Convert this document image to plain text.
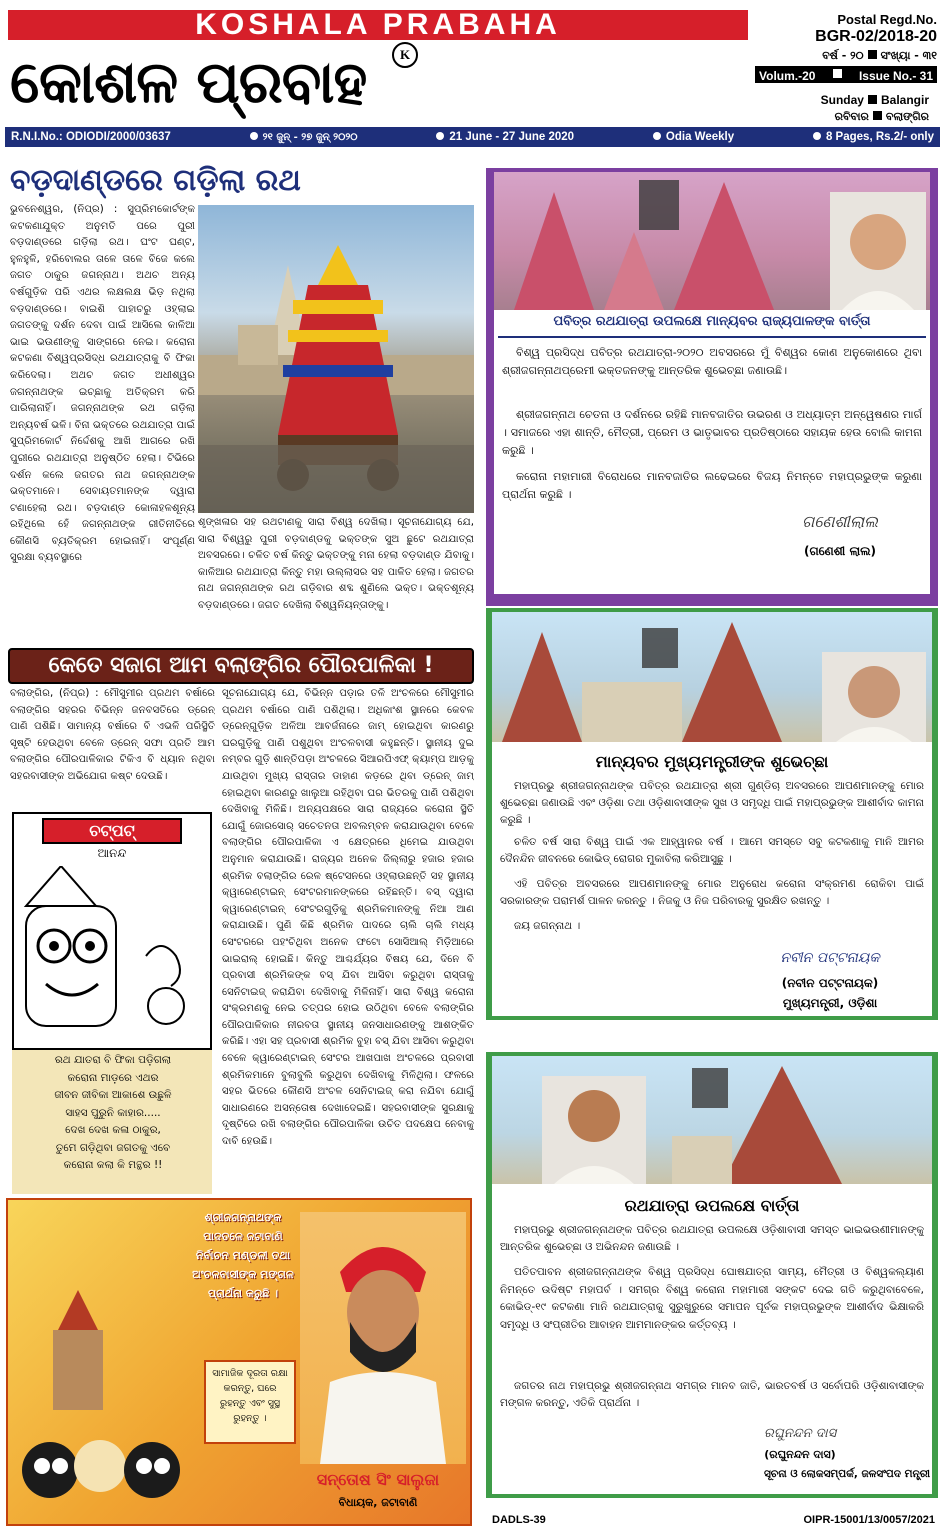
KOSHALA PRABAHA
କୋଶଳ ପ୍ରବାହ	K
Postal Regd.No.
BGR-02/2018-20
ବର୍ଷ - ୨୦ ସଂଖ୍ୟା - ୩୧
Volum.-20	Issue No.- 31
Sunday Balangir
ରବିବାର ବଲାଙ୍ଗିର
R.N.I.No.: ODIODI/2000/03637	୨୧ ଜୁନ୍ - ୨୭ ଜୁନ୍ ୨୦୨୦	21 June - 27 June 2020	Odia Weekly	8 Pages, Rs.2/- only
ବଡ଼ଦାଣ୍ଡରେ ଗଡ଼ିଲା ରଥ
ଭୁବନେଶ୍ୱର, (ନିପ୍ର) : ସୁପ୍ରିମକୋର୍ଟଙ୍କ କଟକଣାଯୁକ୍ତ ଅନୁମତି ପରେ ପୁରୀ ବଡ଼ଦାଣ୍ଡରେ ଗଡ଼ିଲା ରଥ। ଘଂଟ ଘଣ୍ଟ, ହୁଳହୁଳି, ହରିବୋଲର ତାଳେ ତାଳେ ବିଜେ କଲେ ଜଗତ ଠାକୁର ଜଗନ୍ନାଥ। ଅଥଚ ଅନ୍ୟ ବର୍ଷଗୁଡ଼ିକ ପରି ଏଥର ଲକ୍ଷଲକ୍ଷ ଭିଡ଼ ନଥିଲା ବଡ଼ଦାଣ୍ଡରେ। ବାଇଶି ପାହାଚରୁ ଓହ୍ଲାଇ ଜଗତଙ୍କୁ ଦର୍ଶନ ଦେବା ପାଇଁ ଆସିଲେ କାଳିଆ ଭାଇ ଭଉଣୀଙ୍କୁ ସାଙ୍ଗରେ ନେଇ। କରୋନା କଟକଣା ବିଶ୍ୱପ୍ରସିଦ୍ଧ ରଥଯାତ୍ରାକୁ ବି ଫିକା କରିଦେଲା। ଅଥଚ ଜଗତ ଅଧୀଶ୍ୱର ଜଗନ୍ନାଥଙ୍କ ଇଚ୍ଛାକୁ ଅତିକ୍ରମ କରି ପାରିଲାନାହିଁ। ଜଗନ୍ନାଥଙ୍କ ରଥ ଗଡ଼ିଲା ଅନ୍ୟବର୍ଷ ଭଳି। ବିନା ଭକ୍ତରେ ରଥଯାତ୍ରା ପାଇଁ ସୁପ୍ରିମକୋର୍ଟ ନିର୍ଦ୍ଦେଶକୁ ଆଖି ଆଗରେ ରଖି ପୁରୀରେ ରଥଯାତ୍ରା ଅନୁଷ୍ଠିତ ହେଲା। ଟିଭିରେ ଦର୍ଶନ କଲେ ଜଗତର ନାଥ ଜଗନ୍ନାଥଙ୍କ ଭକ୍ତମାନେ। ସେବାୟତମାନଙ୍କ ଦ୍ୱାରା ଟଣାହେଲା ରଥ। ବଡ଼ଦାଣ୍ଡ କୋଳାହଳଶୂନ୍ୟ ରହିଥିଲେ ହେଁ ଜଗନ୍ନାଥଙ୍କ ରୀତିନୀତିରେ କୌଣସି ବ୍ୟତିକ୍ରମ ହୋଇନାହିଁ। ସଂପୂର୍ଣ୍ଣ ସୁରକ୍ଷା ବ୍ୟବସ୍ଥାରେ
ଶୃଙ୍ଖଳାର ସହ ରଥଟାଣକୁ ସାରା ବିଶ୍ୱ ଦେଖିଲା। ସୂଚନାଯୋଗ୍ୟ ଯେ, ସାରା ବିଶ୍ୱରୁ ପୁରୀ ବଡ଼ଦାଣ୍ଡକୁ ଭକ୍ତଙ୍କ ସୁଅ ଛୁଟେ ରଥଯାତ୍ରା ଅବସରରେ। ଚଳିତ ବର୍ଷ କିନ୍ତୁ ଭକ୍ତଙ୍କୁ ମନା ହେଲା ବଡ଼ଦାଣ୍ଡ ଯିବାକୁ। କାଳିଆର ରଥଯାତ୍ରା କିନ୍ତୁ ମହା ଉଲ୍ଲାସର ସହ ପାଳିତ ହେଲା। ଜଗତର ନାଥ ଜଗନ୍ନାଥଙ୍କ ରଥ ଗଡ଼ିବାର ଶବ୍ଦ ଶୁଣିଲେ ଭକ୍ତ। ଭକ୍ତଶୂନ୍ୟ ବଡ଼ଦାଣ୍ଡରେ। ଜଗତ ଦେଖିଲା ବିଶ୍ୱନିୟନ୍ତାଙ୍କୁ।
କେତେ ସଜାଗ ଆମ ବଲାଙ୍ଗିର ପୌରପାଳିକା !
ବଲାଙ୍ଗିର, (ନିପ୍ର) : ମୌସୁମୀର ପ୍ରଥମ ବର୍ଷାରେ ବଲାଙ୍ଗିର ସହରର ବିଭିନ୍ନ ଜନବସତିରେ ଡ୍ରେନ୍ ପାଣି ପଶିଛି। ସାମାନ୍ୟ ବର୍ଷାରେ ବି ଏଭଳି ପରିସ୍ଥିତି ସୃଷ୍ଟି ହେଉଥିବା ବେଳେ ଡ୍ରେନ୍ ସଫା ପ୍ରତି ଆମ ବଲାଙ୍ଗିର ପୌରପାଳିକାର ଟିକିଏ ବି ଧ୍ୟାନ ନଥିବା ସହରବାସୀଙ୍କ ଅଭିଯୋଗ କଷ୍ଟ ଦେଉଛି।
ସୂଚନାଯୋଗ୍ୟ ଯେ, ବିଭିନ୍ନ ପଡ଼ାର ତଳି ଅଂଚଳରେ ମୌସୁମୀର ପ୍ରଥମ ବର୍ଷାରେ ପାଣି ପଶିଥିଲା। ଅଧିକାଂଶ ସ୍ଥାନରେ କେବଳ ଡ୍ରେନ୍‌ଗୁଡ଼ିକ ଅଳିଆ ଆବର୍ଜନାରେ ଜାମ୍ ହୋଇଥିବା କାରଣରୁ ଘରଗୁଡ଼ିକୁ ପାଣି ପଶୁଥିବା ଅଂଚଳବାସୀ କହୁଛନ୍ତି। ସ୍ଥାନୀୟ ଦୁଇ ନମ୍ବର ଗୁଡ଼ି ଶାନ୍ତିପଡ଼ା ଅଂଚଳରେ ସିଆରପିଏଫ୍ କ୍ୟାମ୍ପ ଆଡ଼କୁ ଯାଉଥିବା ମୁଖ୍ୟ ରାସ୍ତାର ଡାହାଣ କଡ଼ରେ ଥିବା ଡ୍ରେନ୍ ଜାମ୍ ହୋଇଥିବା କାରଣରୁ ଖାଲୁଆ ରହିଥିବା ଘର ଭିତରକୁ ପାଣି ପଶିଥିବା ଦେଖିବାକୁ ମିଳିଛି। ଅନ୍ୟପକ୍ଷରେ ସାରା ରାଜ୍ୟରେ କରୋନା ସ୍ଥିତି ଯୋଗୁଁ ଜୋରସୋର୍ ସଚେତନତା ଅବଲମ୍ବନ କରାଯାଉଥିବା ବେଳେ ବଲାଙ୍ଗିର ପୌରପାଳିକା ଏ କ୍ଷେତ୍ରରେ ଧିମେଇ ଯାଉଥିବା ଅନୁମାନ କରାଯାଉଛି। ରାଜ୍ୟର ଅନେକ ଜିଲ୍ଲାରୁ ହଜାର ହଜାର ଶ୍ରମିକ ବଲାଙ୍ଗିର ରେଳ ଷ୍ଟେସନରେ ଓହ୍ଲାଉଛନ୍ତି ସହ ସ୍ଥାନୀୟ କ୍ୱାରେଣ୍ଟାଇନ୍ ସେଂଟରମାନଙ୍କରେ ରହିଛନ୍ତି। ବସ୍ ଦ୍ୱାରା କ୍ୱାରେଣ୍ଟାଇନ୍ ସେଂଟରଗୁଡ଼ିକୁ ଶ୍ରମିକମାନଙ୍କୁ ନିଆ ଆଣ କରାଯାଉଛି। ପୁଣି କିଛି ଶ୍ରମିକ ପାଦରେ ଚାଲି ଚାଲି ମଧ୍ୟ ସେଂଟରରେ ପହଂଚିଥିବା ଅନେକ ଫଟୋ ସୋସିଆଲ୍ ମିଡ଼ିଆରେ ଭାଇରାଲ୍ ହୋଇଛି। କିନ୍ତୁ ଆଶ୍ଚର୍ଯ୍ୟର ବିଷୟ ଯେ, ଦିନେ ବି ପ୍ରବାସୀ ଶ୍ରମିକଙ୍କ ବସ୍ ଯିବା ଆସିବା କରୁଥିବା ରାସ୍ତାକୁ ସେନିଟାଇଜ୍ କରାଯିବା ଦେଖିବାକୁ ମିଳିନାହିଁ। ସାରା ବିଶ୍ୱ କରୋନା ସଂକ୍ରମଣକୁ ନେଇ ତତ୍ପର ହୋଇ ଉଠିଥିବା ବେଳେ ବଲାଙ୍ଗିର ପୌରପାଳିକାର ନୀରବତା ସ୍ଥାନୀୟ ଜନସାଧାରଣଙ୍କୁ ଆଶଙ୍କିତ କରିଛି। ଏହା ସହ ପ୍ରବାସୀ ଶ୍ରମିକ ବୁହା ବସ୍ ଯିବା ଆସିବା କରୁଥିବା ବେଳେ କ୍ୱାରେଣ୍ଟାଇନ୍ ସେଂଟର ଆଖପାଖ ଅଂଚଳରେ ପ୍ରବାସୀ ଶ୍ରମିକମାନେ ବୁଲାବୁଲି କରୁଥିବା ଦେଖିବାକୁ ମିଳିଥିଲା। ଫଳରେ ସହର ଭିତରେ କୌଣସି ଅଂଚଳ ସେନିଟାଇଜ୍ କରା ନଯିବା ଯୋଗୁଁ ସାଧାରଣରେ ଅସନ୍ତୋଷ ଦେଖାଦେଇଛି। ସହରବାସୀଙ୍କ ସୁରକ୍ଷାକୁ ଦୃଷ୍ଟିରେ ରଖି ବଲାଙ୍ଗିର ପୌରପାଳିକା ଉଚିତ ପଦକ୍ଷେପ ନେବାକୁ ଦାବି ହେଉଛି।
ଚଟ୍‌ପଟ୍
ଆନନ୍ଦ
ରଥ ଯାତରା ବି ଫିକା ପଡ଼ିଗଲା
କରୋନା ମାଡ଼ରେ ଏଥର
ଜୀବନ ଜୀବିକା ଆକାଶେ ଉଛୁଳି
ସାହସ ପୁରୁନି କାହାର.....
ଦେଖ ଦେଖ କଳା ଠାକୁର,
ତୁମେ ଗଡ଼ିଥିବା ଜଗତକୁ ଏବେ
କରୋନା କଲା କି ମନ୍ଥର !!
ଶ୍ରୀଜଗନ୍ନାଥଙ୍କ ପାଦତଳେ ଜଟାବାଣି ନିର୍ବାଚନ ମଣ୍ଡଳୀ ତଥା ଅଂଚଳବାସୀଙ୍କ ମଙ୍ଗଳ ପ୍ରାର୍ଥନା କରୁଛି ।
ସାମାଜିକ ଦୂରତା ରକ୍ଷା କରନ୍ତୁ, ଘରେ ରୁହନ୍ତୁ ଏବଂ ସୁସ୍ଥ ରୁହନ୍ତୁ ।
ସନ୍ତୋଷ ସିଂ ସାଲୁଜା
ବିଧାୟକ, ଜଟାବାଣି
ପବିତ୍ର ରଥଯାତ୍ରା ଉପଲକ୍ଷେ ମାନ୍ୟବର ରାଜ୍ୟପାଳଙ୍କ ବାର୍ତ୍ତା

ବିଶ୍ୱ ପ୍ରସିଦ୍ଧ ପବିତ୍ର ରଥଯାତ୍ରା-୨୦୨୦ ଅବସରରେ ମୁଁ ବିଶ୍ୱର କୋଣ ଅନୁକୋଣରେ ଥିବା ଶ୍ରୀଜଗନ୍ନାଥପ୍ରେମୀ ଭକ୍ତଜନଙ୍କୁ ଆନ୍ତରିକ ଶୁଭେଚ୍ଛା ଜଣାଉଛି।

ଶ୍ରୀଜଗନ୍ନାଥ ଚେତନା ଓ ଦର୍ଶନରେ ରହିଛି ମାନବଜାତିର ଉଭରଣ ଓ ଅଧ୍ୟାତ୍ମ ଅନ୍ୱେଷଣର ମାର୍ଗ । ସମାଜରେ ଏହା ଶାନ୍ତି, ମୈତ୍ରୀ, ପ୍ରେମ ଓ ଭାତୃଭାବର ପ୍ରତିଷ୍ଠାରେ ସହାୟକ ହେଉ ବୋଲି କାମନା କରୁଛି ।

କରୋନା ମହାମାରୀ ବିରୋଧରେ ମାନବଜାତିର ଲଢେଇରେ ବିଜୟ ନିମନ୍ତେ ମହାପ୍ରଭୁଙ୍କ କରୁଣା ପ୍ରାର୍ଥନା କରୁଛି ।

ଗଣେଶୀଲାଲ
(ଗଣେଶୀ ଲାଲ)
ମାନ୍ୟବର ମୁଖ୍ୟମନ୍ତ୍ରୀଙ୍କ ଶୁଭେଚ୍ଛା

ମହାପ୍ରଭୁ ଶ୍ରୀଜଗନ୍ନାଥଙ୍କ ପବିତ୍ର ରଥଯାତ୍ରା ଶ୍ରୀ ଗୁଣ୍ଡିଚା ଅବସରରେ ଆପଣମାନଙ୍କୁ ମୋର ଶୁଭେଚ୍ଛା ଜଣାଉଛି ଏବଂ ଓଡ଼ିଶା ତଥା ଓଡ଼ିଶାବାସୀଙ୍କ ସୁଖ ଓ ସମୃଦ୍ଧି ପାଇଁ ମହାପ୍ରଭୁଙ୍କ ଆଶୀର୍ବାଦ କାମନା କରୁଛି ।

ଚଳିତ ବର୍ଷ ସାରା ବିଶ୍ୱ ପାଇଁ ଏକ ଆହ୍ୱାନର ବର୍ଷ । ଆମେ ସମସ୍ତେ ସବୁ କଟକଣାକୁ ମାନି ଆମର ଦୈନନ୍ଦିନ ଜୀବନରେ କୋଭିଡ୍ ରୋଗର ମୁକାବିଲା କରିଆସୁଛୁ ।

ଏହି ପବିତ୍ର ଅବସରରେ ଆପଣମାନଙ୍କୁ ମୋର ଅନୁରୋଧ କରୋନା ସଂକ୍ରମଣ ରୋକିବା ପାଇଁ ସରକାରଙ୍କ ପରାମର୍ଶ ପାଳନ କରନ୍ତୁ । ନିଜକୁ ଓ ନିଜ ପରିବାରକୁ ସୁରକ୍ଷିତ ରଖନ୍ତୁ ।

ଜୟ ଜଗନ୍ନାଥ ।

ନବୀନ ପଟ୍ଟନାୟକ
(ନବୀନ ପଟ୍ଟନାୟକ)
ମୁଖ୍ୟମନ୍ତ୍ରୀ, ଓଡ଼ିଶା
ରଥଯାତ୍ରା ଉପଲକ୍ଷେ ବାର୍ତ୍ତା

ମହାପ୍ରଭୁ ଶ୍ରୀଜଗନ୍ନାଥଙ୍କ ପବିତ୍ର ରଥଯାତ୍ରା ଉପଲକ୍ଷେ ଓଡ଼ିଶାବାସୀ ସମସ୍ତ ଭାଇଭଉଣୀମାନଙ୍କୁ ଆନ୍ତରିକ ଶୁଭେଚ୍ଛା ଓ ଅଭିନନ୍ଦନ ଜଣାଉଛି ।

ପତିତପାବନ ଶ୍ରୀଜଗନ୍ନାଥଙ୍କ ବିଶ୍ୱ ପ୍ରସିଦ୍ଧ ଘୋଷଯାତ୍ରା ସାମ୍ୟ, ମୈତ୍ରୀ ଓ ବିଶ୍ୱକଲ୍ୟାଣ ନିମନ୍ତେ ଉଦିଷ୍ଟ ମହାପର୍ବ । ସମଗ୍ର ବିଶ୍ୱ କରୋନା ମହାମାରୀ ସଙ୍କଟ ଦେଇ ଗତି କରୁଥିବାବେଳେ, କୋଭିଡ୍-୧୯ କଟକଣା ମାନି ରଥଯାତ୍ରାକୁ ସୁରୁଖୁରୁରେ ସମାପନ ପୂର୍ବକ ମହାପ୍ରଭୁଙ୍କ ଆଶୀର୍ବାଦ ଭିକ୍ଷାକରି ସମୃଦ୍ଧି ଓ ସଂପ୍ରୀତିର ଆବାହନ ଆମମାନଙ୍କର କର୍ତ୍ତବ୍ୟ ।

ଜଗତର ନାଥ ମହାପ୍ରଭୁ ଶ୍ରୀଜଗନ୍ନାଥ ସମଗ୍ର ମାନବ ଜାତି, ଭାରତବର୍ଷ ଓ ସର୍ବୋପରି ଓଡ଼ିଶାବାସୀଙ୍କ ମଙ୍ଗଳ କରନ୍ତୁ, ଏତିକି ପ୍ରାର୍ଥନା ।

ରଘୁନନ୍ଦନ ଦାସ
(ରଘୁନନ୍ଦନ ଦାସ)
ସୂଚନା ଓ ଲୋକସମ୍ପର୍କ, ଜଳସଂପଦ ମନ୍ତ୍ରୀ
DADLS-39	OIPR-15001/13/0057/2021
